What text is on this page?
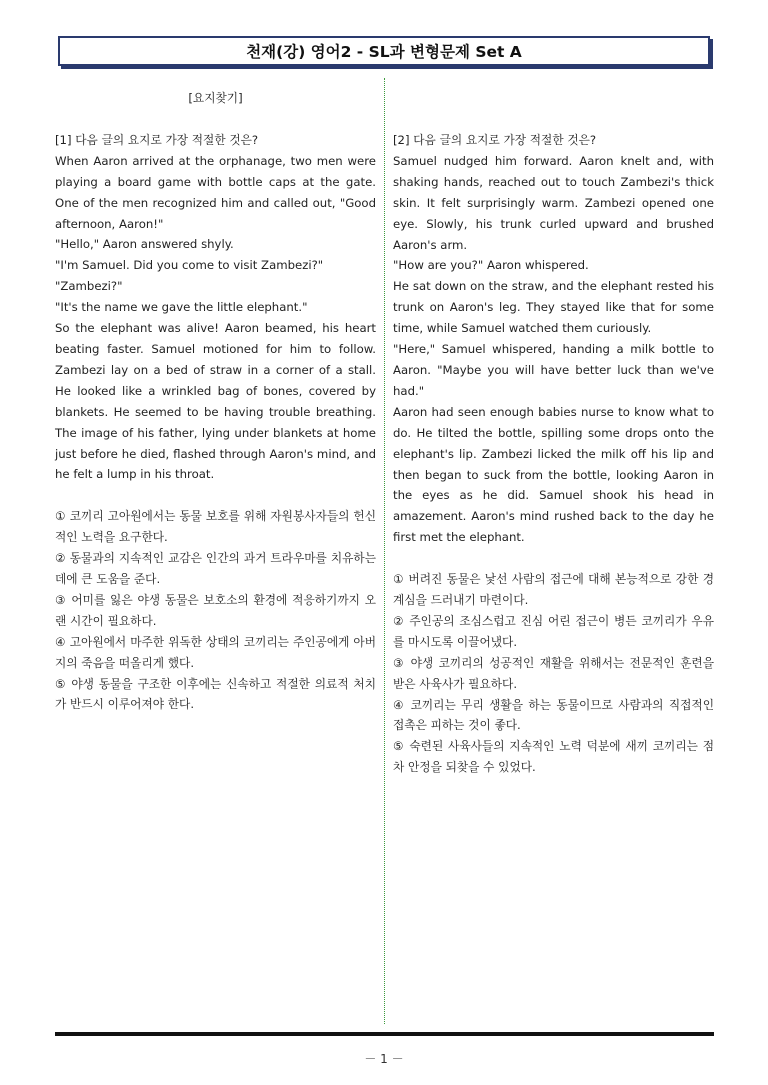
천재(강) 영어2 - SL과 변형문제 Set A
[요지찾기]

[1] 다음 글의 요지로 가장 적절한 것은?

When Aaron arrived at the orphanage, two men were playing a board game with bottle caps at the gate. One of the men recognized him and called out, "Good afternoon, Aaron!"

"Hello," Aaron answered shyly.

"I'm Samuel. Did you come to visit Zambezi?"

"Zambezi?"

"It's the name we gave the little elephant."

So the elephant was alive! Aaron beamed, his heart beating faster. Samuel motioned for him to follow. Zambezi lay on a bed of straw in a corner of a stall. He looked like a wrinkled bag of bones, covered by blankets. He seemed to be having trouble breathing. The image of his father, lying under blankets at home just before he died, flashed through Aaron's mind, and he felt a lump in his throat.

① 코끼리 고아원에서는 동물 보호를 위해 자원봉사자들의 헌신적인 노력을 요구한다.

② 동물과의 지속적인 교감은 인간의 과거 트라우마를 치유하는 데에 큰 도움을 준다.

③ 어미를 잃은 야생 동물은 보호소의 환경에 적응하기까지 오랜 시간이 필요하다.

④ 고아원에서 마주한 위독한 상태의 코끼리는 주인공에게 아버지의 죽음을 떠올리게 했다.

⑤ 야생 동물을 구조한 이후에는 신속하고 적절한 의료적 처치가 반드시 이루어져야 한다.

[2] 다음 글의 요지로 가장 적절한 것은?

Samuel nudged him forward. Aaron knelt and, with shaking hands, reached out to touch Zambezi's thick skin. It felt surprisingly warm. Zambezi opened one eye. Slowly, his trunk curled upward and brushed Aaron's arm.

"How are you?" Aaron whispered.

He sat down on the straw, and the elephant rested his trunk on Aaron's leg. They stayed like that for some time, while Samuel watched them curiously.

"Here," Samuel whispered, handing a milk bottle to Aaron. "Maybe you will have better luck than we've had."

Aaron had seen enough babies nurse to know what to do. He tilted the bottle, spilling some drops onto the elephant's lip. Zambezi licked the milk off his lip and then began to suck from the bottle, looking Aaron in the eyes as he did. Samuel shook his head in amazement. Aaron's mind rushed back to the day he first met the elephant.

① 버려진 동물은 낯선 사람의 접근에 대해 본능적으로 강한 경계심을 드러내기 마련이다.

② 주인공의 조심스럽고 진심 어린 접근이 병든 코끼리가 우유를 마시도록 이끌어냈다.

③ 야생 코끼리의 성공적인 재활을 위해서는 전문적인 훈련을 받은 사육사가 필요하다.

④ 코끼리는 무리 생활을 하는 동물이므로 사람과의 직접적인 접촉은 피하는 것이 좋다.

⑤ 숙련된 사육사들의 지속적인 노력 덕분에 새끼 코끼리는 점차 안정을 되찾을 수 있었다.

－ 1 －
